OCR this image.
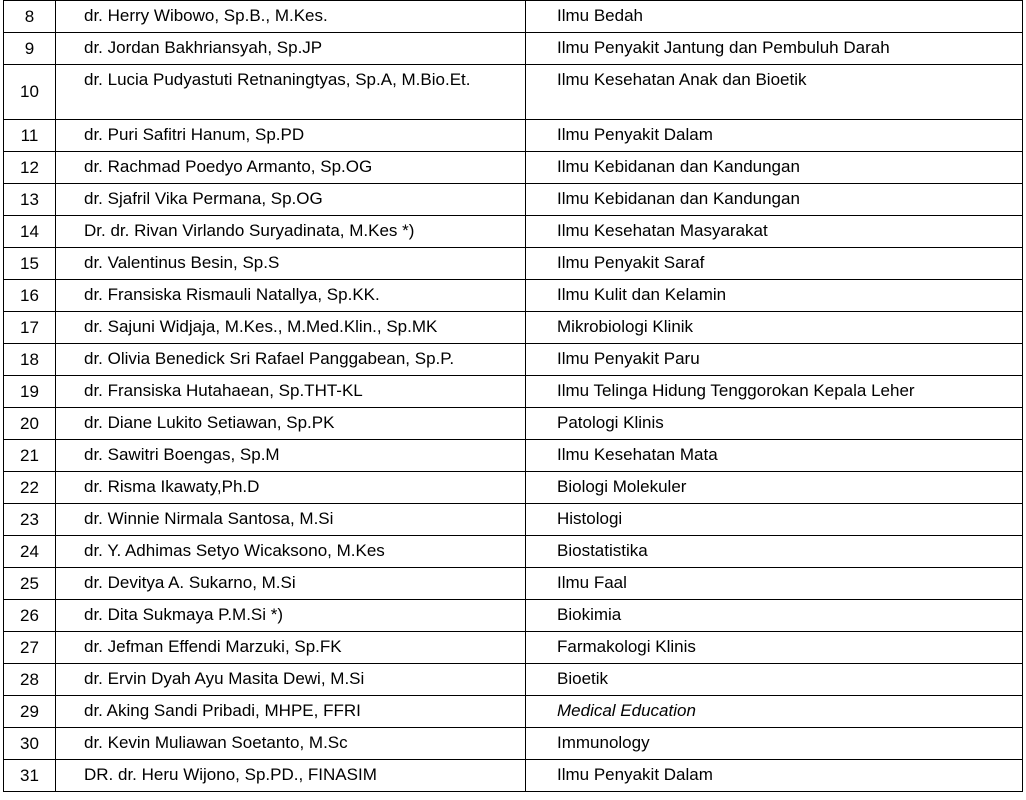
8	dr. Herry Wibowo, Sp.B., M.Kes.	Ilmu Bedah
9	dr. Jordan Bakhriansyah, Sp.JP	Ilmu Penyakit Jantung dan Pembuluh Darah
10	dr. Lucia Pudyastuti Retnaningtyas, Sp.A, M.Bio.Et.	Ilmu Kesehatan Anak dan Bioetik
11	dr. Puri Safitri Hanum, Sp.PD	Ilmu Penyakit Dalam
12	dr. Rachmad Poedyo Armanto, Sp.OG	Ilmu Kebidanan dan Kandungan
13	dr. Sjafril Vika Permana, Sp.OG	Ilmu Kebidanan dan Kandungan
14	Dr. dr. Rivan Virlando Suryadinata, M.Kes *)	Ilmu Kesehatan Masyarakat
15	dr. Valentinus Besin, Sp.S	Ilmu Penyakit Saraf
16	dr. Fransiska Rismauli Natallya, Sp.KK.	Ilmu Kulit dan Kelamin
17	dr. Sajuni Widjaja, M.Kes., M.Med.Klin., Sp.MK	Mikrobiologi Klinik
18	dr. Olivia Benedick Sri Rafael Panggabean, Sp.P.	Ilmu Penyakit Paru
19	dr. Fransiska Hutahaean, Sp.THT-KL	Ilmu Telinga Hidung Tenggorokan Kepala Leher
20	dr. Diane Lukito Setiawan, Sp.PK	Patologi Klinis
21	dr. Sawitri Boengas, Sp.M	Ilmu Kesehatan Mata
22	dr. Risma Ikawaty,Ph.D	Biologi Molekuler
23	dr. Winnie Nirmala Santosa, M.Si	Histologi
24	dr. Y. Adhimas Setyo Wicaksono, M.Kes	Biostatistika
25	dr. Devitya A. Sukarno, M.Si	Ilmu Faal
26	dr. Dita Sukmaya P.M.Si *)	Biokimia
27	dr. Jefman Effendi Marzuki, Sp.FK	Farmakologi Klinis
28	dr. Ervin Dyah Ayu Masita Dewi, M.Si	Bioetik
29	dr. Aking Sandi Pribadi, MHPE, FFRI	Medical Education
30	dr. Kevin Muliawan Soetanto, M.Sc	Immunology
31	DR. dr. Heru Wijono, Sp.PD., FINASIM	Ilmu Penyakit Dalam
